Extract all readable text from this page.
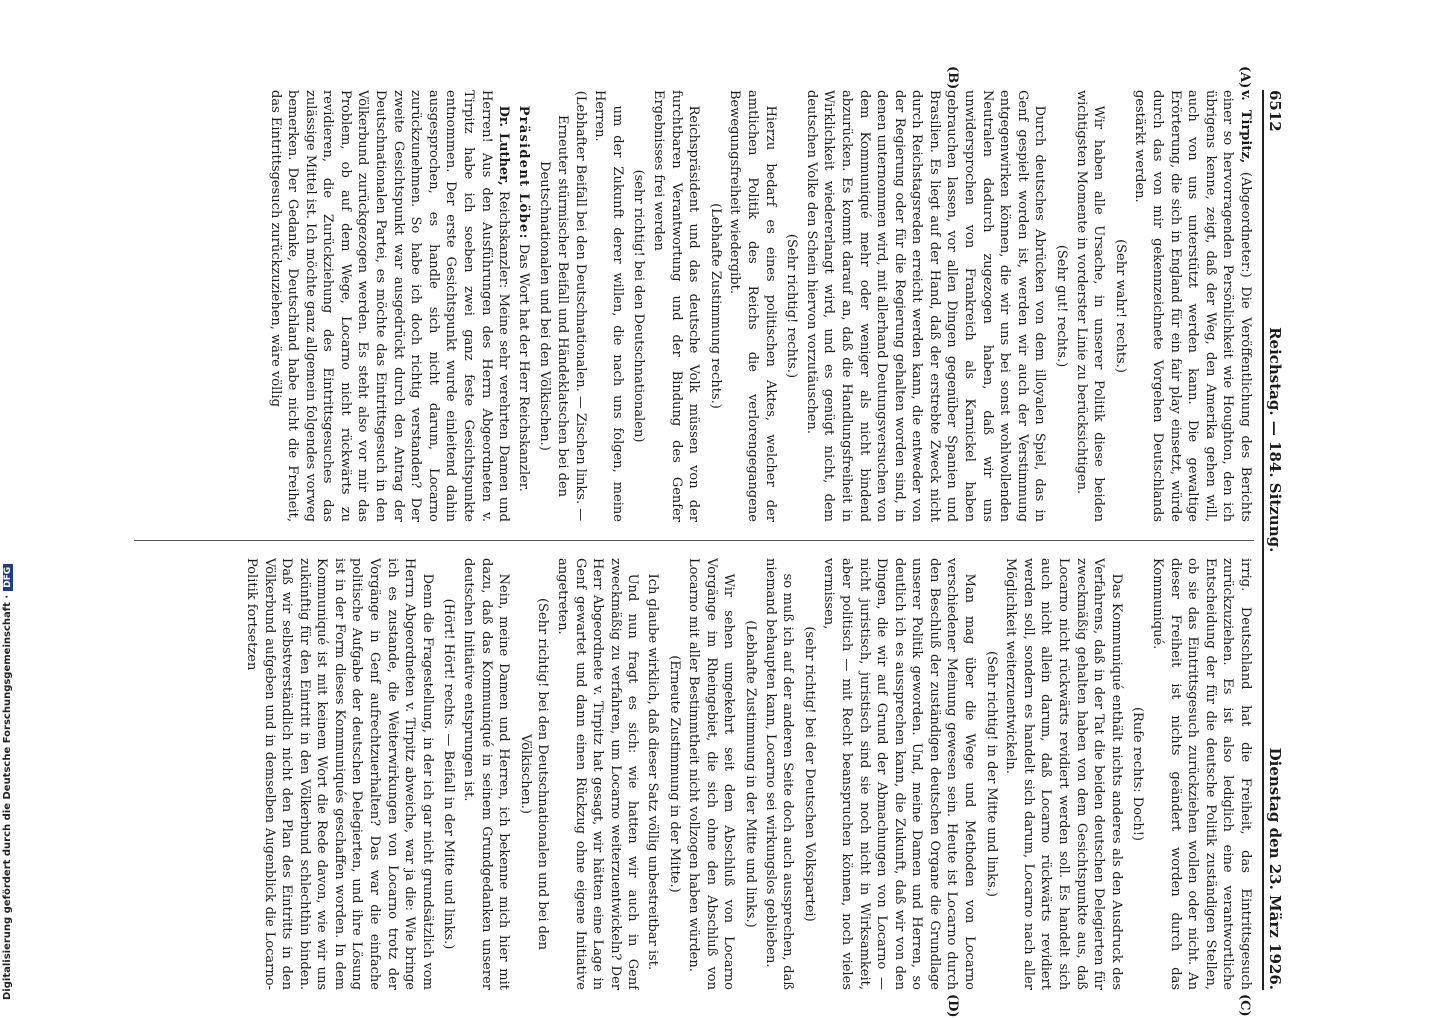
6512
Reichstag. — 184. Sitzung.
Dienstag den 23. März 1926.
(A)
(B)
(C)
(D)

v. Tirpitz, (Abgeordneter:) Die Veröffentlichung des Berichts einer so hervorragenden Persönlichkeit wie Houghton, den ich übrigens kenne, zeigt, daß der Weg, den Amerika gehen will, auch von uns unterstützt werden kann. Die gewaltige Erörterung, die sich in England für ein fair play einsetzt, würde durch das von mir gekennzeichnete Vorgehen Deutschlands gestärkt werden.

(Sehr wahr! rechts.)

Wir haben alle Ursache, in unserer Politik diese beiden wichtigsten Momente in vorderster Linie zu berücksichtigen.

(Sehr gut! rechts.)

Durch deutsches Abrücken von dem illoyalen Spiel, das in Genf gespielt worden ist, werden wir auch der Verstimmung entgegenwirken können, die wir uns bei sonst wohlwollenden Neutralen dadurch zugezogen haben, daß wir uns unwidersprochen von Frankreich als Karnickel haben gebrauchen lassen, vor allen Dingen gegenüber Spanien und Brasilien. Es liegt auf der Hand, daß der erstrebte Zweck nicht durch Reichstagsreden erreicht werden kann, die entweder von der Regierung oder für die Regierung gehalten worden sind, in denen unternommen wird, mit allerhand Deutungsversuchen von dem Kommuniqué mehr oder weniger als nicht bindend abzurücken. Es kommt darauf an, daß die Handlungsfreiheit in Wirklichkeit wiedererlangt wird, und es genügt nicht, dem deutschen Volke den Schein hiervon vorzutäuschen.

(Sehr richtig! rechts.)

Hierzu bedarf es eines politischen Aktes, welcher der amtlichen Politik des Reichs die verlorengegangene Bewegungsfreiheit wiedergibt.

(Lebhafte Zustimmung rechts.)

Reichspräsident und das deutsche Volk müssen von der furchtbaren Verantwortung und der Bindung des Genfer Ergebnisses frei werden

(sehr richtig! bei den Deutschnationalen)

um der Zukunft derer willen, die nach uns folgen, meine Herren.

(Lebhafter Beifall bei den Deutschnationalen. — Zischen links. — Erneuter stürmischer Beifall und Händeklatschen bei den Deutschnationalen und bei den Völkischen.)

Präsident Löbe: Das Wort hat der Herr Reichskanzler.

Dr. Luther, Reichskanzler: Meine sehr verehrten Damen und Herren! Aus den Ausführungen des Herrn Abgeordneten v. Tirpitz habe ich soeben zwei ganz feste Gesichtspunkte entnommen. Der erste Gesichtspunkt wurde einleitend dahin ausgesprochen, es handle sich nicht darum, Locarno zurückzunehmen. So habe ich doch richtig verstanden? Der zweite Gesichtspunkt war ausgedrückt durch den Antrag der Deutschnationalen Partei, es möchte das Eintrittsgesuch in den Völkerbund zurückgezogen werden. Es steht also vor mir das Problem, ob auf dem Wege, Locarno nicht rückwärts zu revidieren, die Zurückziehung des Eintrittsgesuches das zulässige Mittel ist. Ich möchte ganz allgemein folgendes vorweg bemerken. Der Gedanke, Deutschland habe nicht die Freiheit, das Eintrittsgesuch zurückzuziehen, wäre völlig

irrig. Deutschland hat die Freiheit, das Eintrittsgesuch zurückzuziehen. Es ist also lediglich eine verantwortliche Entscheidung der für die deutsche Politik zuständigen Stellen, ob sie das Eintrittsgesuch zurückziehen wollen oder nicht. An dieser Freiheit ist nichts geändert worden durch das Kommuniqué.

(Rufe rechts: Doch!)

Das Kommuniqué enthält nichts anderes als den Ausdruck des Verfahrens, daß in der Tat die beiden deutschen Delegierten für zweckmäßig gehalten haben von dem Gesichtspunkte aus, daß Locarno nicht rückwärts revidiert werden soll. Es handelt sich auch nicht allein darum, daß Locarno rückwärts revidiert werden soll, sondern es handelt sich darum, Locarno nach aller Möglichkeit weiterzuentwickeln.

(Sehr richtig! in der Mitte und links.)

Man mag über die Wege und Methoden von Locarno verschiedener Meinung gewesen sein. Heute ist Locarno durch den Beschluß der zuständigen deutschen Organe die Grundlage unserer Politik geworden. Und, meine Damen und Herren, so deutlich ich es aussprechen kann, die Zukunft, daß wir von den Dingen, die wir auf Grund der Abmachungen von Locarno — nicht juristisch, juristisch sind sie noch nicht in Wirksamkeit, aber politisch — mit Recht beanspruchen können, noch vieles vermissen,

(sehr richtig! bei der Deutschen Volkspartei)

so muß ich auf der anderen Seite doch auch aussprechen, daß niemand behaupten kann, Locarno sei wirkungslos geblieben.

(Lebhafte Zustimmung in der Mitte und links.)

Wir sehen umgekehrt seit dem Abschluß von Locarno Vorgänge im Rheingebiet, die sich ohne den Abschluß von Locarno mit aller Bestimmtheit nicht vollzogen haben würden.

(Erneute Zustimmung in der Mitte.)

Ich glaube wirklich, daß dieser Satz völlig unbestreitbar ist.

Und nun fragt es sich: wie hatten wir auch in Genf zweckmäßig zu verfahren, um Locarno weiterzuentwickeln? Der Herr Abgeordnete v. Tirpitz hat gesagt, wir hätten eine Lage in Genf gewartet und dann einen Rückzug ohne eigene Initiative angetreten.

(Sehr richtig! bei den Deutschnationalen und bei den Völkischen.)

Nein, meine Damen und Herren, ich bekenne mich hier mit dazu, daß das Kommuniqué in seinem Grundgedanken unserer deutschen Initiative entsprungen ist.

(Hört! Hört! rechts. — Beifall in der Mitte und links.)

Denn die Fragestellung, in der ich gar nicht grundsätzlich vom Herrn Abgeordneten v. Tirpitz abweiche, war ja die: Wie bringe ich es zustande, die Weiterwirkungen von Locarno trotz der Vorgänge in Genf aufrechtzuerhalten? Das war die einfache politische Aufgabe der deutschen Delegierten, und ihre Lösung ist in der Form dieses Kommuniqués geschaffen worden. In dem Kommuniqué ist mit keinem Wort die Rede davon, wie wir uns zukünftig für den Eintritt in den Völkerbund schlechthin binden. Daß wir selbstverständlich nicht den Plan des Eintritts in den Völkerbund aufgeben und in demselben Augenblick die Locarno-Politik fortsetzen

Digitalisierung gefördert durch die Deutsche Forschungsgemeinschaft ·DFG
